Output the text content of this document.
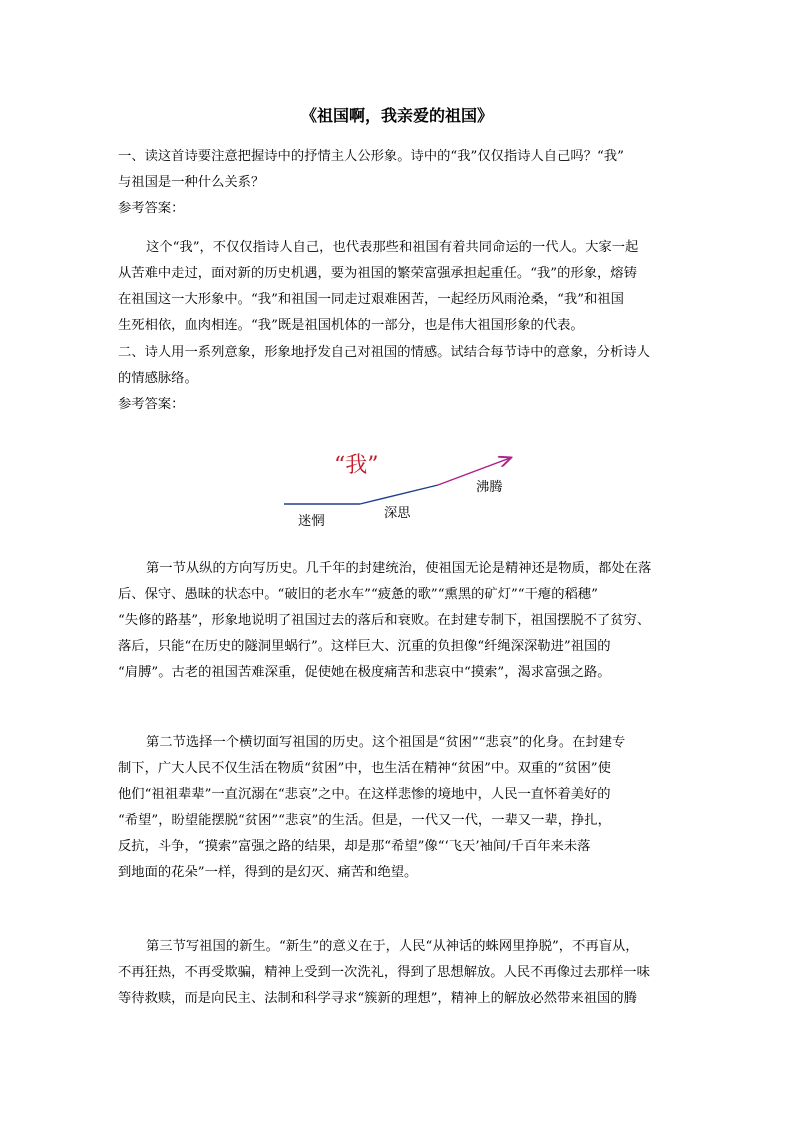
《祖国啊，我亲爱的祖国》
一、读这首诗要注意把握诗中的抒情主人公形象。诗中的“我”仅仅指诗人自己吗？“我”
与祖国是一种什么关系？
参考答案：
这个“我”，不仅仅指诗人自己，也代表那些和祖国有着共同命运的一代人。大家一起
从苦难中走过，面对新的历史机遇，要为祖国的繁荣富强承担起重任。“我”的形象，熔铸
在祖国这一大形象中。“我”和祖国一同走过艰难困苦，一起经历风雨沧桑，“我”和祖国
生死相依，血肉相连。“我”既是祖国机体的一部分，也是伟大祖国形象的代表。
二、诗人用一系列意象，形象地抒发自己对祖国的情感。试结合每节诗中的意象，分析诗人
的情感脉络。
参考答案：
“我”
迷惘
深思
沸腾
第一节从纵的方向写历史。几千年的封建统治，使祖国无论是精神还是物质，都处在落
后、保守、愚昧的状态中。“破旧的老水车”“疲惫的歌”“熏黑的矿灯”“干瘪的稻穗”
“失修的路基”，形象地说明了祖国过去的落后和衰败。在封建专制下，祖国摆脱不了贫穷、
落后，只能“在历史的隧洞里蜗行”。这样巨大、沉重的负担像“纤绳深深勒进”祖国的
“肩膊”。古老的祖国苦难深重，促使她在极度痛苦和悲哀中“摸索”，渴求富强之路。
第二节选择一个横切面写祖国的历史。这个祖国是“贫困”“悲哀”的化身。在封建专
制下，广大人民不仅生活在物质“贫困”中，也生活在精神“贫困”中。双重的“贫困”使
他们“祖祖辈辈”一直沉溺在“悲哀”之中。在这样悲惨的境地中，人民一直怀着美好的
“希望”，盼望能摆脱“贫困”“悲哀”的生活。但是，一代又一代，一辈又一辈，挣扎，
反抗，斗争，“摸索”富强之路的结果，却是那“希望”像“‘飞天’袖间/千百年来未落
到地面的花朵”一样，得到的是幻灭、痛苦和绝望。
第三节写祖国的新生。“新生”的意义在于，人民“从神话的蛛网里挣脱”，不再盲从，
不再狂热，不再受欺骗，精神上受到一次洗礼，得到了思想解放。人民不再像过去那样一味
等待救赎，而是向民主、法制和科学寻求“簇新的理想”，精神上的解放必然带来祖国的腾
